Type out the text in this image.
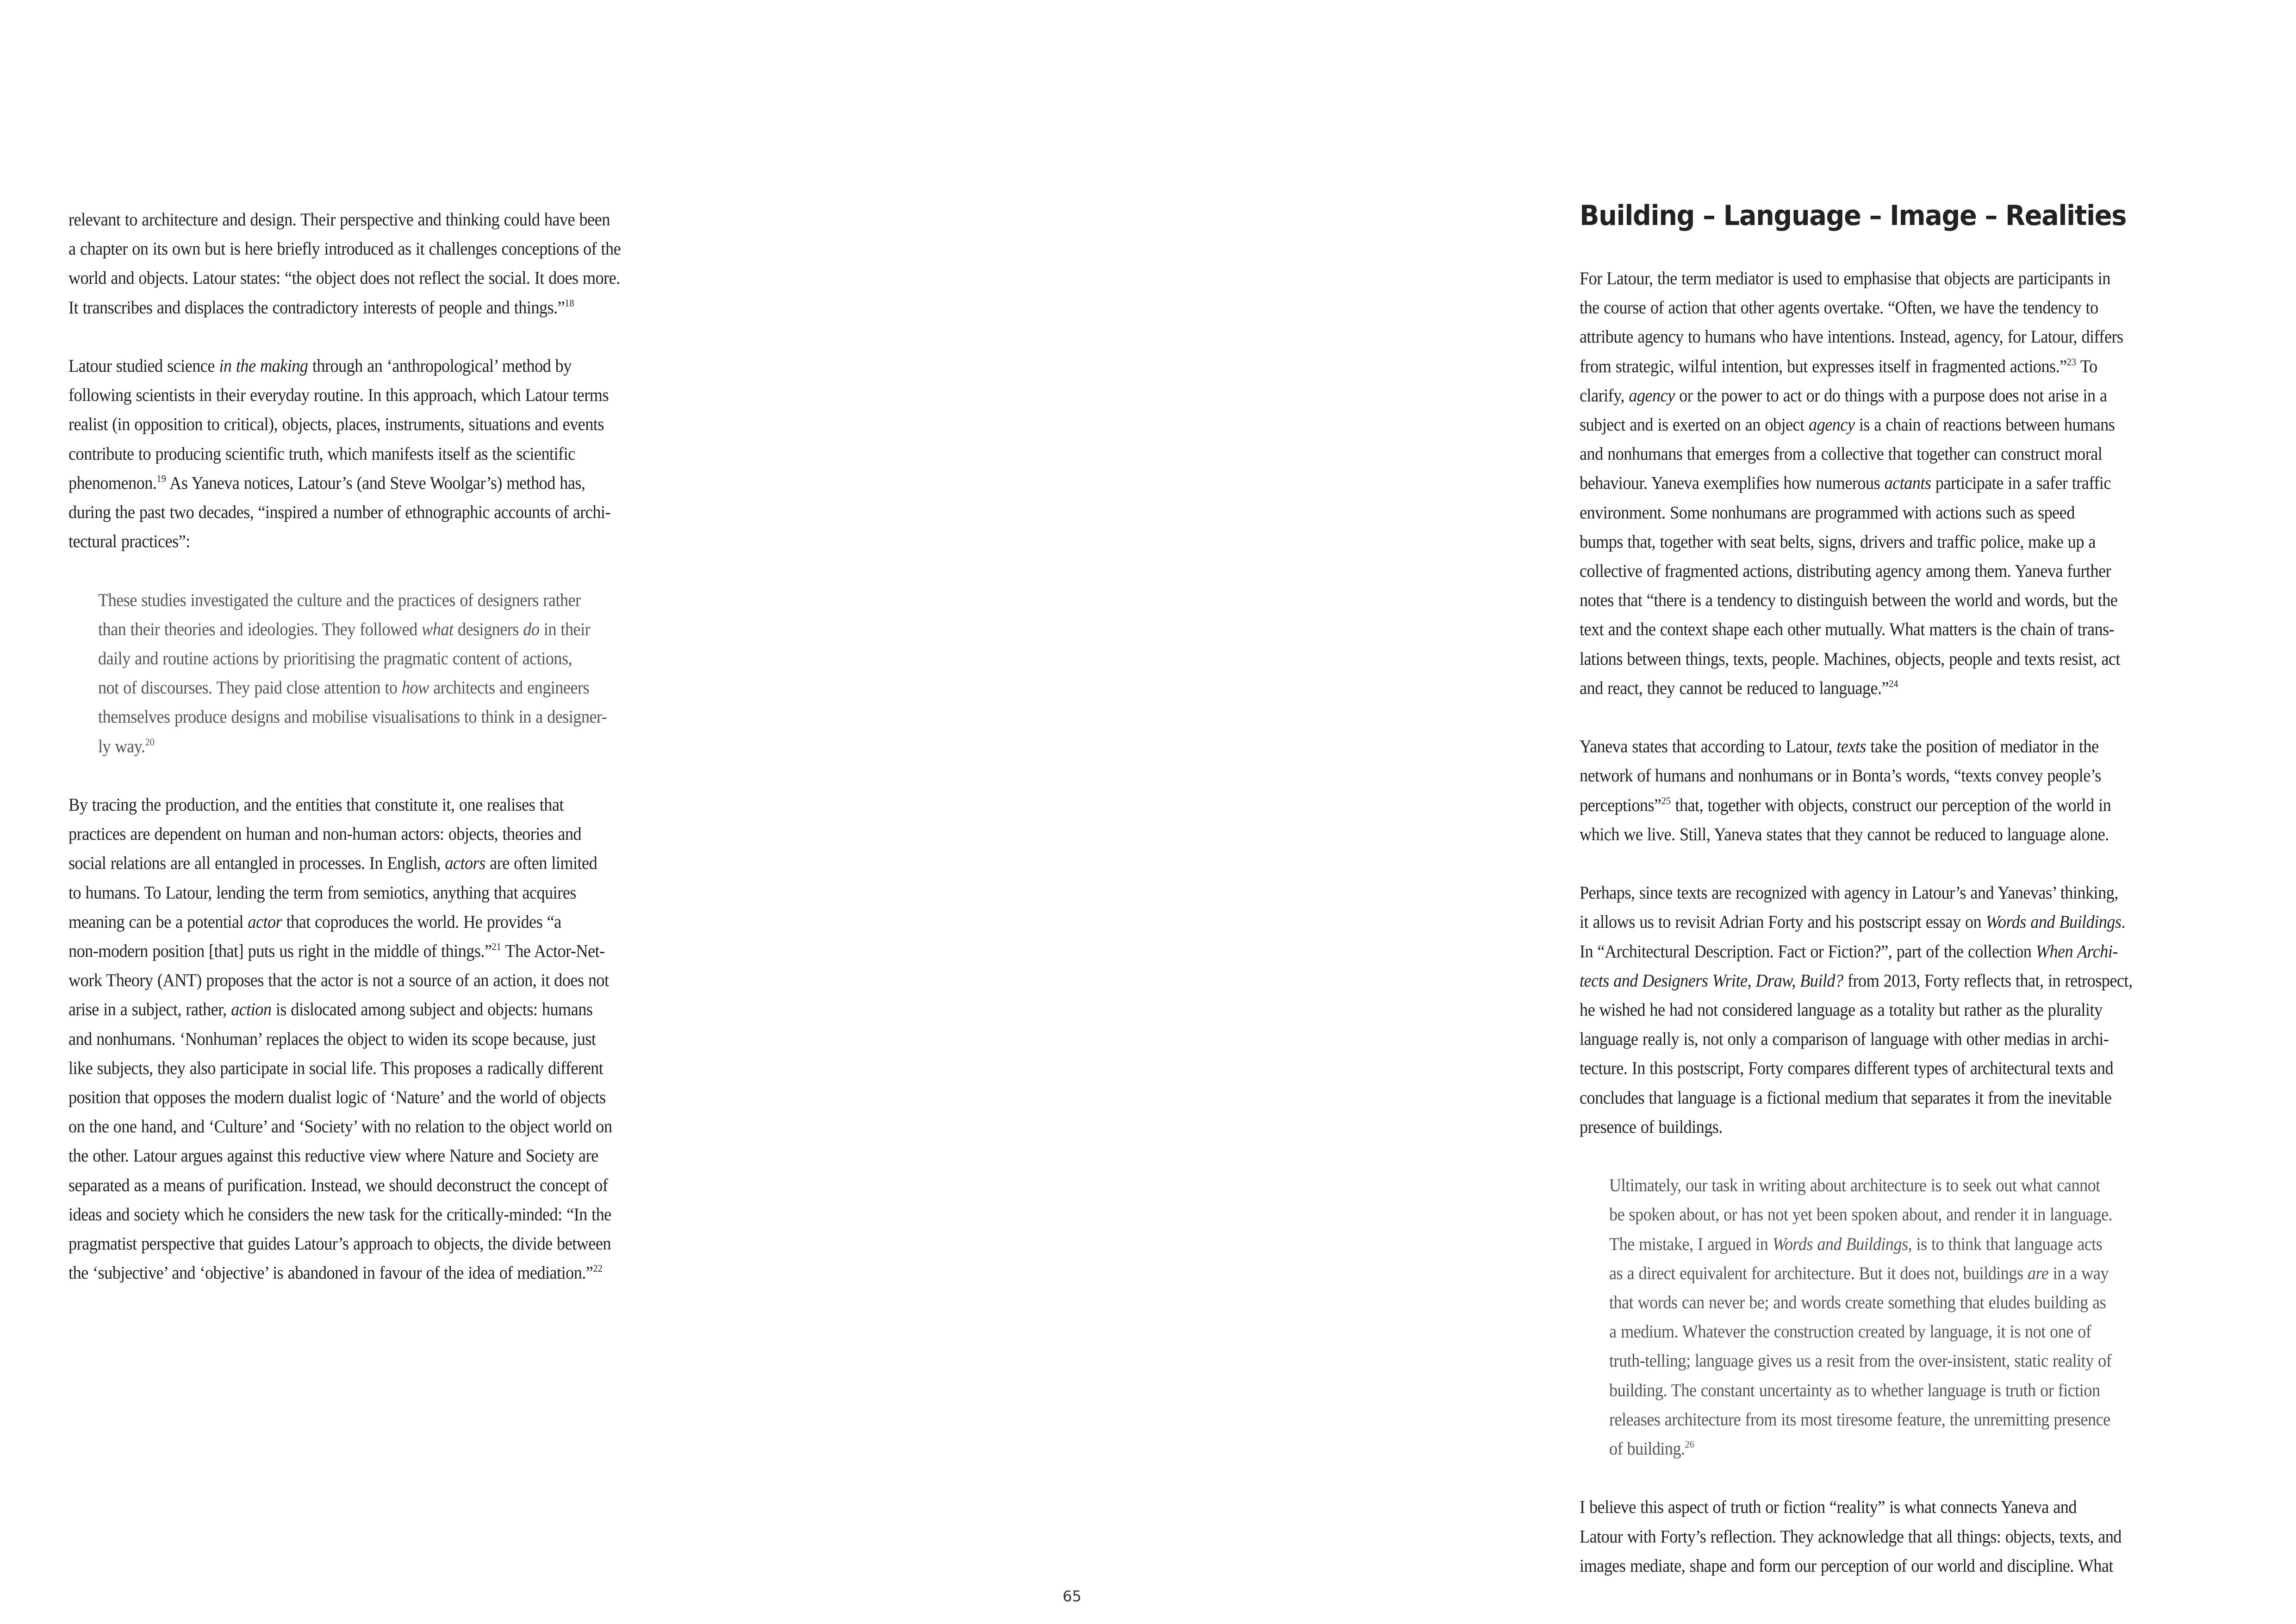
relevant to architecture and design. Their perspective and thinking could have been
a chapter on its own but is here briefly introduced as it challenges conceptions of the
world and objects. Latour states: “the object does not reflect the social. It does more.
It transcribes and displaces the contradictory interests of people and things.”$^{18}$
Latour studied science in the making through an ‘anthropological’ method by
following scientists in their everyday routine. In this approach, which Latour terms
realist (in opposition to critical), objects, places, instruments, situations and events
contribute to producing scientific truth, which manifests itself as the scientific
phenomenon.$^{19}$ As Yaneva notices, Latour’s (and Steve Woolgar’s) method has,
during the past two decades, “inspired a number of ethnographic accounts of archi-
tectural practices”:
These studies investigated the culture and the practices of designers rather
than their theories and ideologies. They followed what designers do in their
daily and routine actions by prioritising the pragmatic content of actions,
not of discourses. They paid close attention to how architects and engineers
themselves produce designs and mobilise visualisations to think in a designer-
ly way.$^{20}$
By tracing the production, and the entities that constitute it, one realises that
practices are dependent on human and non-human actors: objects, theories and
social relations are all entangled in processes. In English, actors are often limited
to humans. To Latour, lending the term from semiotics, anything that acquires
meaning can be a potential actor that coproduces the world. He provides “a
non-modern position [that] puts us right in the middle of things.”$^{21}$ The Actor-Net-
work Theory (ANT) proposes that the actor is not a source of an action, it does not
arise in a subject, rather, action is dislocated among subject and objects: humans
and nonhumans. ‘Nonhuman’ replaces the object to widen its scope because, just
like subjects, they also participate in social life. This proposes a radically different
position that opposes the modern dualist logic of ‘Nature’ and the world of objects
on the one hand, and ‘Culture’ and ‘Society’ with no relation to the object world on
the other. Latour argues against this reductive view where Nature and Society are
separated as a means of purification. Instead, we should deconstruct the concept of
ideas and society which he considers the new task for the critically-minded: “In the
pragmatist perspective that guides Latour’s approach to objects, the divide between
the ‘subjective’ and ‘objective’ is abandoned in favour of the idea of mediation.”$^{22}$
65
Building – Language – Image – Realities
For Latour, the term mediator is used to emphasise that objects are participants in
the course of action that other agents overtake. “Often, we have the tendency to
attribute agency to humans who have intentions. Instead, agency, for Latour, differs
from strategic, wilful intention, but expresses itself in fragmented actions.”$^{23}$ To
clarify, agency or the power to act or do things with a purpose does not arise in a
subject and is exerted on an object agency is a chain of reactions between humans
and nonhumans that emerges from a collective that together can construct moral
behaviour. Yaneva exemplifies how numerous actants participate in a safer traffic
environment. Some nonhumans are programmed with actions such as speed
bumps that, together with seat belts, signs, drivers and traffic police, make up a
collective of fragmented actions, distributing agency among them. Yaneva further
notes that “there is a tendency to distinguish between the world and words, but the
text and the context shape each other mutually. What matters is the chain of trans-
lations between things, texts, people. Machines, objects, people and texts resist, act
and react, they cannot be reduced to language.”$^{24}$
Yaneva states that according to Latour, texts take the position of mediator in the
network of humans and nonhumans or in Bonta’s words, “texts convey people’s
perceptions”$^{25}$ that, together with objects, construct our perception of the world in
which we live. Still, Yaneva states that they cannot be reduced to language alone.
Perhaps, since texts are recognized with agency in Latour’s and Yanevas’ thinking,
it allows us to revisit Adrian Forty and his postscript essay on Words and Buildings.
In “Architectural Description. Fact or Fiction?”, part of the collection When Archi-
tects and Designers Write, Draw, Build? from 2013, Forty reflects that, in retrospect,
he wished he had not considered language as a totality but rather as the plurality
language really is, not only a comparison of language with other medias in archi-
tecture. In this postscript, Forty compares different types of architectural texts and
concludes that language is a fictional medium that separates it from the inevitable
presence of buildings.
Ultimately, our task in writing about architecture is to seek out what cannot
be spoken about, or has not yet been spoken about, and render it in language.
The mistake, I argued in Words and Buildings, is to think that language acts
as a direct equivalent for architecture. But it does not, buildings are in a way
that words can never be; and words create something that eludes building as
a medium. Whatever the construction created by language, it is not one of
truth-telling; language gives us a resit from the over-insistent, static reality of
building. The constant uncertainty as to whether language is truth or fiction
releases architecture from its most tiresome feature, the unremitting presence
of building.$^{26}$
I believe this aspect of truth or fiction “reality” is what connects Yaneva and
Latour with Forty’s reflection. They acknowledge that all things: objects, texts, and
images mediate, shape and form our perception of our world and discipline. What
